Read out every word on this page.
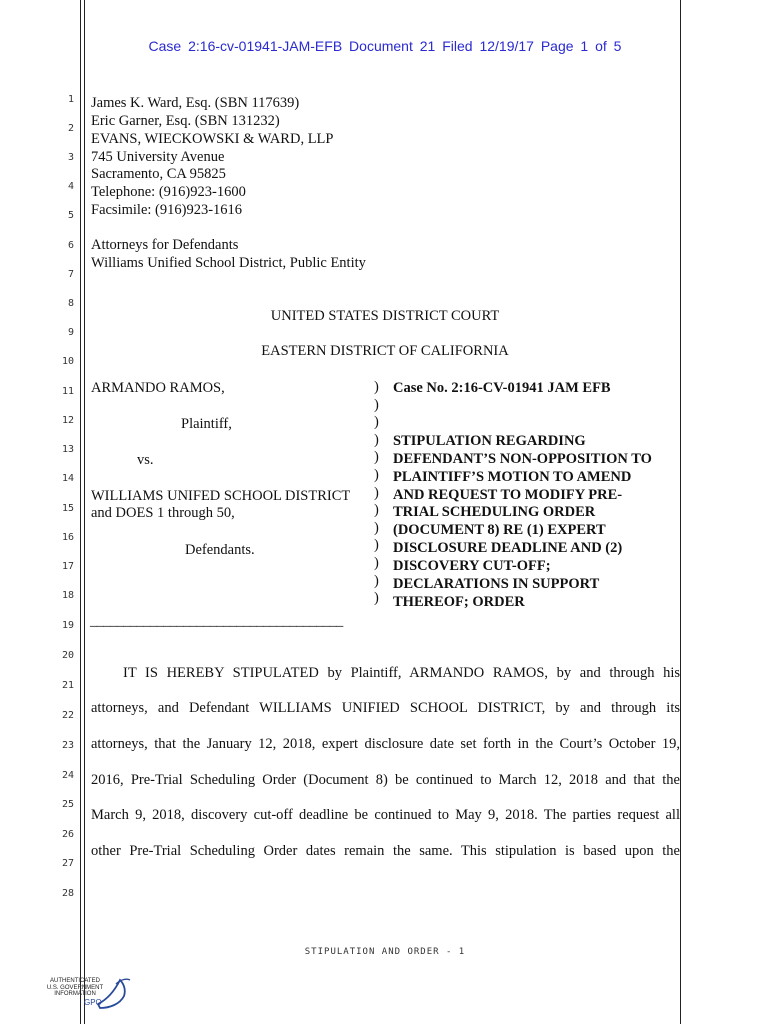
Case 2:16-cv-01941-JAM-EFB Document 21 Filed 12/19/17 Page 1 of 5
1
2
3
4
5
6
7
8
9
10
11
12
13
14
15
16
17
18
19
20
21
22
23
24
25
26
27
28
James K. Ward, Esq. (SBN 117639)
Eric Garner, Esq. (SBN 131232)
EVANS, WIECKOWSKI & WARD, LLP
745 University Avenue
Sacramento, CA 95825
Telephone: (916)923-1600
Facsimile: (916)923-1616
Attorneys for Defendants
Williams Unified School District, Public Entity
UNITED STATES DISTRICT COURT
EASTERN DISTRICT OF CALIFORNIA
ARMANDO RAMOS,
Plaintiff,
vs.
WILLIAMS UNIFED SCHOOL DISTRICT
and DOES 1 through 50,
Defendants.
______________________________________
)
)
)
)
)
)
)
)
)
)
)
)
)
Case No. 2:16-CV-01941 JAM EFB
STIPULATION REGARDING
DEFENDANT’S NON-OPPOSITION TO
PLAINTIFF’S MOTION TO AMEND
AND REQUEST TO MODIFY PRE-
TRIAL SCHEDULING ORDER
(DOCUMENT 8) RE (1) EXPERT
DISCLOSURE DEADLINE AND (2)
DISCOVERY CUT-OFF;
DECLARATIONS IN SUPPORT
THEREOF; ORDER
IT IS HEREBY STIPULATED by Plaintiff, ARMANDO RAMOS, by and through his
attorneys, and Defendant WILLIAMS UNIFIED SCHOOL DISTRICT, by and through its
attorneys, that the January 12, 2018, expert disclosure date set forth in the Court’s October 19,
2016, Pre-Trial Scheduling Order (Document 8) be continued to March 12, 2018 and that the
March 9, 2018, discovery cut-off deadline be continued to May 9, 2018. The parties request all
other Pre-Trial Scheduling Order dates remain the same. This stipulation is based upon the
STIPULATION AND ORDER - 1
AUTHENTICATED
U.S. GOVERNMENT
INFORMATION
GPO
